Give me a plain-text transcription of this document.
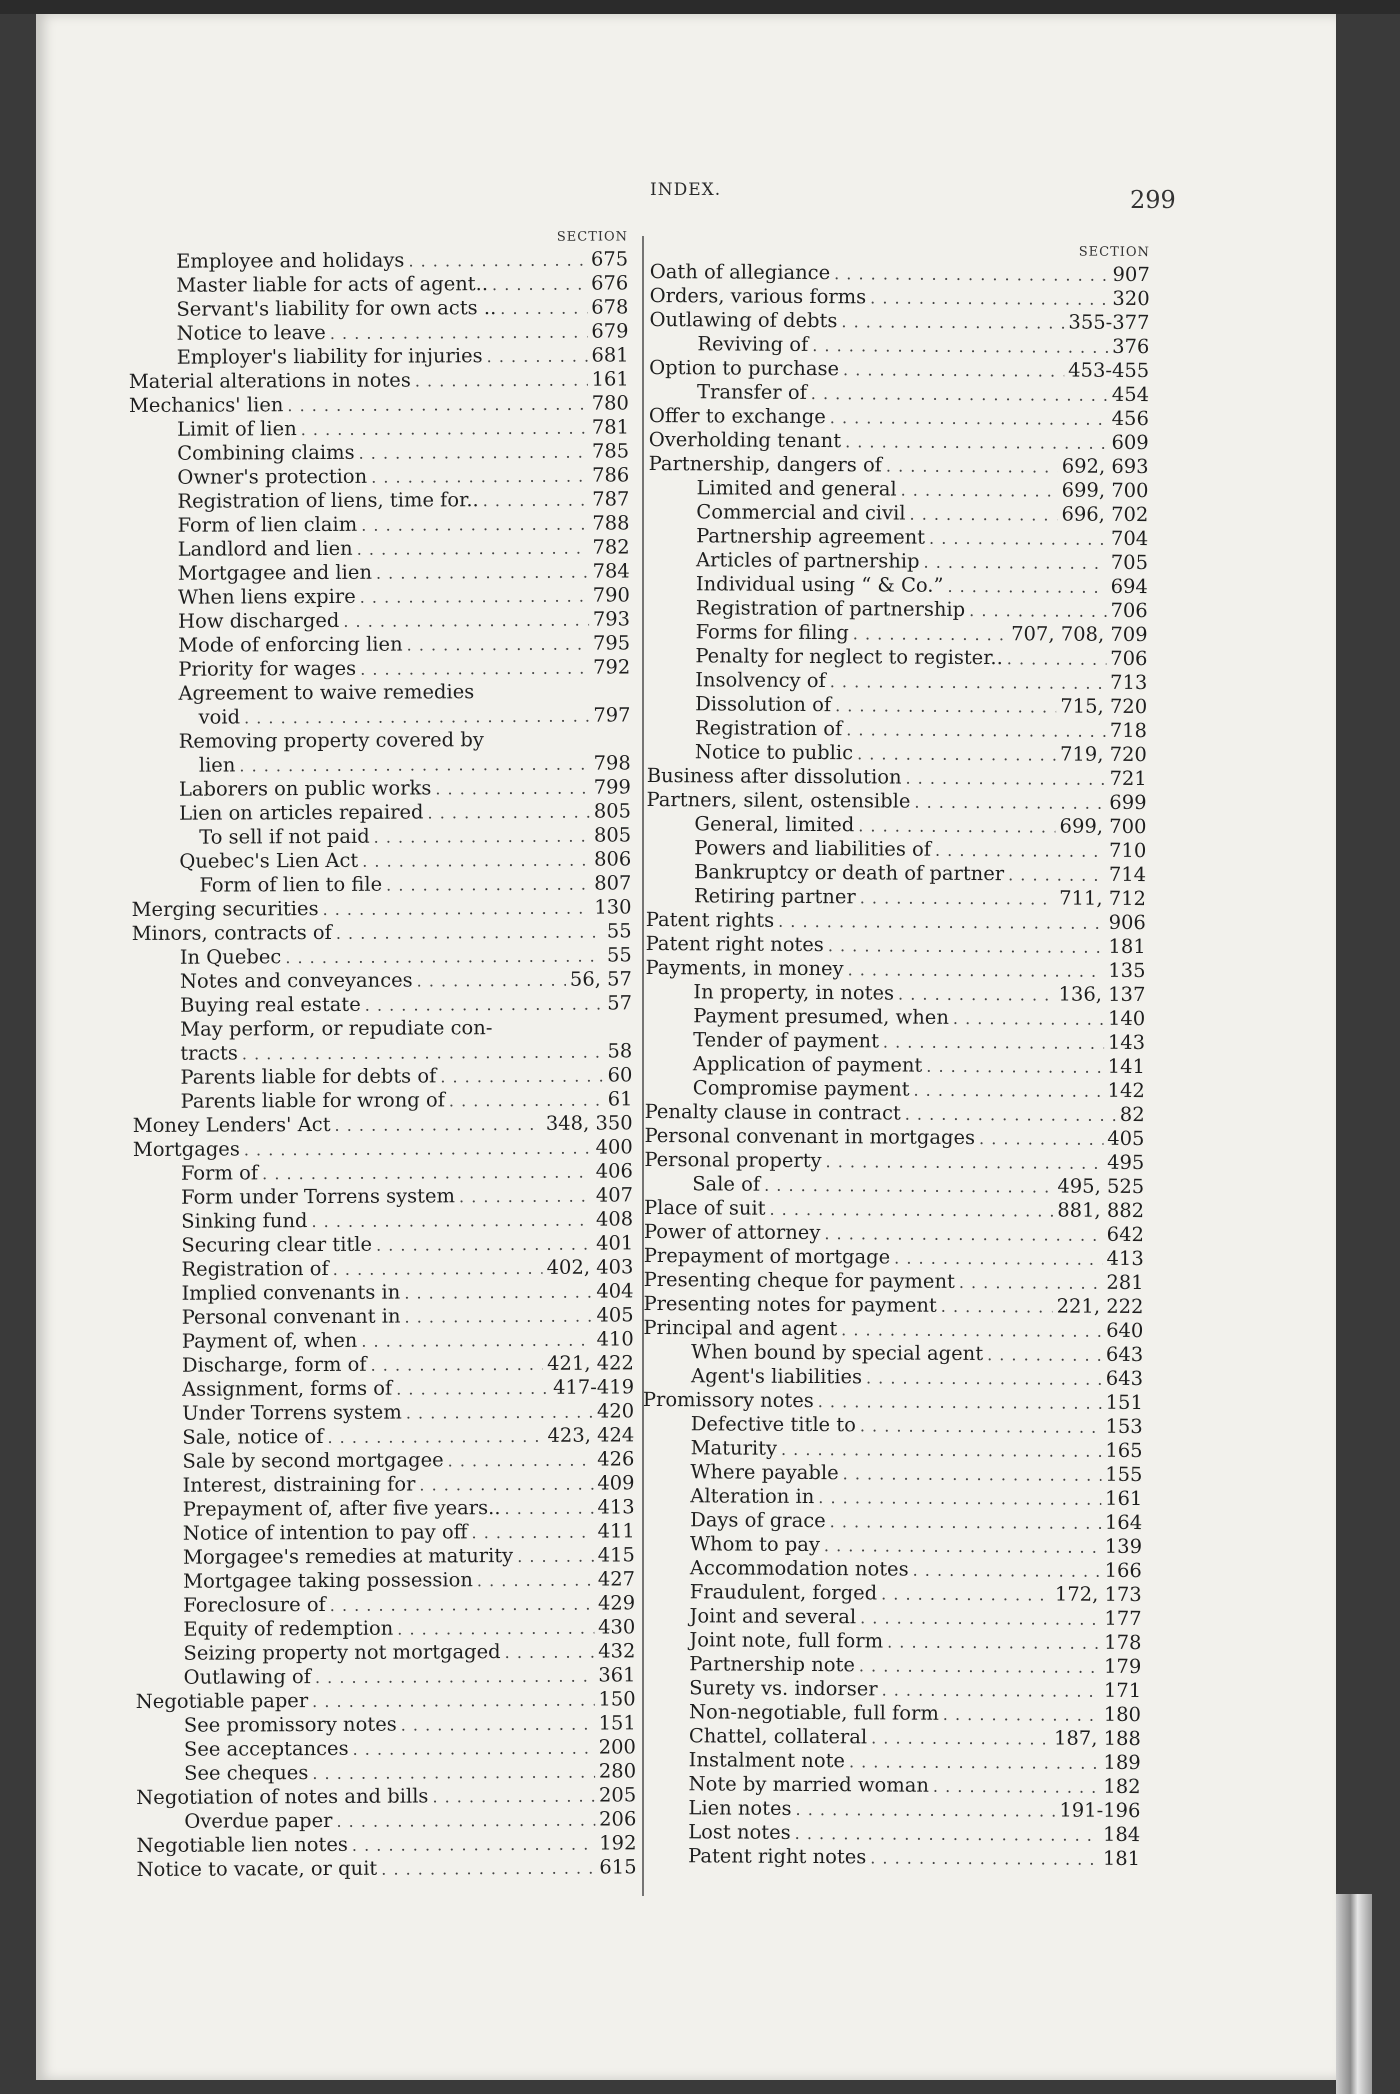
INDEX.	299
SECTION
Employee and holidays . . .	675
Master liable for acts of agent.. . . .	676
Servant's liability for own acts .. . . .	678
Notice to leave . . .	679
Employer's liability for injuries . . .	681
Material alterations in notes . . .	161
Mechanics' lien . . .	780
Limit of lien . . .	781
Combining claims . . .	785
Owner's protection . . .	786
Registration of liens, time for.. . . .	787
Form of lien claim . . .	788
Landlord and lien . . .	782
Mortgagee and lien . . .	784
When liens expire . . .	790
How discharged . . .	793
Mode of enforcing lien . . .	795
Priority for wages . . .	792
Agreement to waive remedies
void . . .	797
Removing property covered by
lien . . .	798
Laborers on public works . . .	799
Lien on articles repaired . . .	805
To sell if not paid . . .	805
Quebec's Lien Act . . .	806
Form of lien to file . . .	807
Merging securities . . .	130
Minors, contracts of . . .	55
In Quebec . . .	55
Notes and conveyances . . .	56, 57
Buying real estate . . .	57
May perform, or repudiate con-
tracts . . .	58
Parents liable for debts of . . .	60
Parents liable for wrong of . . .	61
Money Lenders' Act . . .	348, 350
Mortgages . . .	400
Form of . . .	406
Form under Torrens system . . .	407
Sinking fund . . .	408
Securing clear title . . .	401
Registration of . . .	402, 403
Implied convenants in . . .	404
Personal convenant in . . .	405
Payment of, when . . .	410
Discharge, form of . . .	421, 422
Assignment, forms of . . .	417-419
Under Torrens system . . .	420
Sale, notice of . . .	423, 424
Sale by second mortgagee . . .	426
Interest, distraining for . . .	409
Prepayment of, after five years.. . . .	413
Notice of intention to pay off . . .	411
Morgagee's remedies at maturity . . .	415
Mortgagee taking possession . . .	427
Foreclosure of . . .	429
Equity of redemption . . .	430
Seizing property not mortgaged . . .	432
Outlawing of . . .	361
Negotiable paper . . .	150
See promissory notes . . .	151
See acceptances . . .	200
See cheques . . .	280
Negotiation of notes and bills . . .	205
Overdue paper . . .	206
Negotiable lien notes . . .	192
Notice to vacate, or quit . . .	615
SECTION
Oath of allegiance . . .	907
Orders, various forms . . .	320
Outlawing of debts . . .	355-377
Reviving of . . .	376
Option to purchase . . .	453-455
Transfer of . . .	454
Offer to exchange . . .	456
Overholding tenant . . .	609
Partnership, dangers of . . .	692, 693
Limited and general . . .	699, 700
Commercial and civil . . .	696, 702
Partnership agreement . . .	704
Articles of partnership . . .	705
Individual using “ & Co.” . . .	694
Registration of partnership . . .	706
Forms for filing . . .	707, 708, 709
Penalty for neglect to register.. . . .	706
Insolvency of . . .	713
Dissolution of . . .	715, 720
Registration of . . .	718
Notice to public . . .	719, 720
Business after dissolution . . .	721
Partners, silent, ostensible . . .	699
General, limited . . .	699, 700
Powers and liabilities of . . .	710
Bankruptcy or death of partner . . .	714
Retiring partner . . .	711, 712
Patent rights . . .	906
Patent right notes . . .	181
Payments, in money . . .	135
In property, in notes . . .	136, 137
Payment presumed, when . . .	140
Tender of payment . . .	143
Application of payment . . .	141
Compromise payment . . .	142
Penalty clause in contract . . .	82
Personal convenant in mortgages . . .	405
Personal property . . .	495
Sale of . . .	495, 525
Place of suit . . .	881, 882
Power of attorney . . .	642
Prepayment of mortgage . . .	413
Presenting cheque for payment . . .	281
Presenting notes for payment . . .	221, 222
Principal and agent . . .	640
When bound by special agent . . .	643
Agent's liabilities . . .	643
Promissory notes . . .	151
Defective title to . . .	153
Maturity . . .	165
Where payable . . .	155
Alteration in . . .	161
Days of grace . . .	164
Whom to pay . . .	139
Accommodation notes . . .	166
Fraudulent, forged . . .	172, 173
Joint and several . . .	177
Joint note, full form . . .	178
Partnership note . . .	179
Surety vs. indorser . . .	171
Non-negotiable, full form . . .	180
Chattel, collateral . . .	187, 188
Instalment note . . .	189
Note by married woman . . .	182
Lien notes . . .	191-196
Lost notes . . .	184
Patent right notes . . .	181
